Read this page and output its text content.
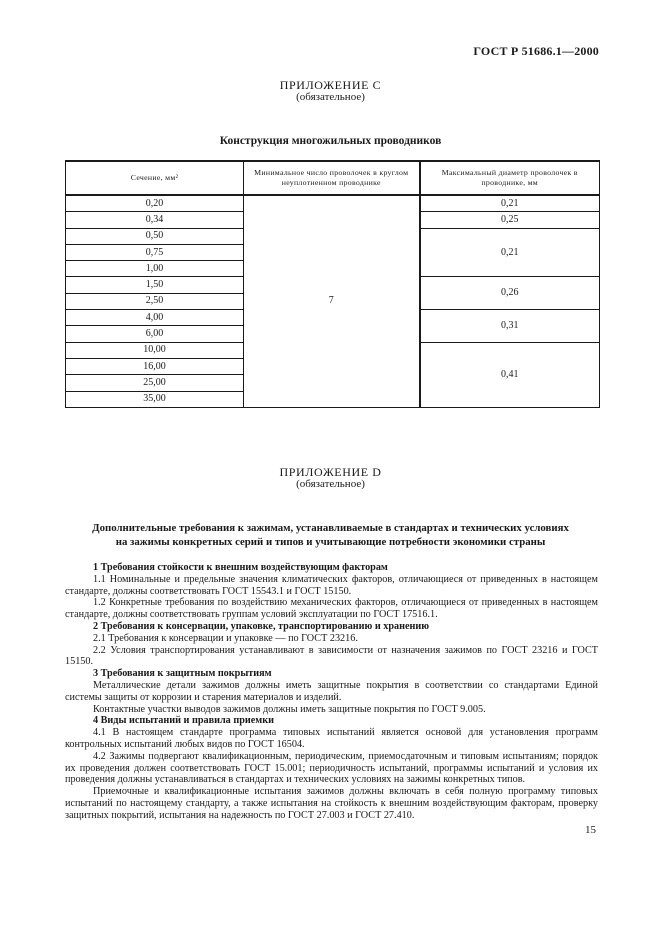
ГОСТ Р 51686.1—2000
ПРИЛОЖЕНИЕ С
(обязательное)
Конструкция многожильных проводников
Сечение, мм²	Минимальное число проволочек в круглом неуплотненном проводнике	Максимальный диаметр проволочек в проводнике, мм
0,20	7	0,21
0,34		0,25
0,50		0,21
0,75		
1,00		
1,50		0,26
2,50		
4,00		0,31
6,00		
10,00		0,41
16,00		
25,00		
35,00		
ПРИЛОЖЕНИЕ D
(обязательное)
Дополнительные требования к зажимам, устанавливаемые в стандартах и технических условиях
на зажимы конкретных серий и типов и учитывающие потребности экономики страны

1 Требования стойкости к внешним воздействующим факторам

1.1 Номинальные и предельные значения климатических факторов, отличающиеся от приведенных в настоящем стандарте, должны соответствовать ГОСТ 15543.1 и ГОСТ 15150.

1.2 Конкретные требования по воздействию механических факторов, отличающиеся от приведенных в настоящем стандарте, должны соответствовать группам условий эксплуатации по ГОСТ 17516.1.

2 Требования к консервации, упаковке, транспортированию и хранению

2.1 Требования к консервации и упаковке — по ГОСТ 23216.

2.2 Условия транспортирования устанавливают в зависимости от назначения зажимов по ГОСТ 23216 и ГОСТ 15150.

3 Требования к защитным покрытиям

Металлические детали зажимов должны иметь защитные покрытия в соответствии со стандартами Единой системы защиты от коррозии и старения материалов и изделий.

Контактные участки выводов зажимов должны иметь защитные покрытия по ГОСТ 9.005.

4 Виды испытаний и правила приемки

4.1 В настоящем стандарте программа типовых испытаний является основой для установления программ контрольных испытаний любых видов по ГОСТ 16504.

4.2 Зажимы подвергают квалификационным, периодическим, приемосдаточным и типовым испытаниям; порядок их проведения должен соответствовать ГОСТ 15.001; периодичность испытаний, программы испытаний и условия их проведения должны устанавливаться в стандартах и технических условиях на зажимы конкретных типов.

Приемочные и квалификационные испытания зажимов должны включать в себя полную программу типовых испытаний по настоящему стандарту, а также испытания на стойкость к внешним воздействующим факторам, проверку защитных покрытий, испытания на надежность по ГОСТ 27.003 и ГОСТ 27.410.

15
